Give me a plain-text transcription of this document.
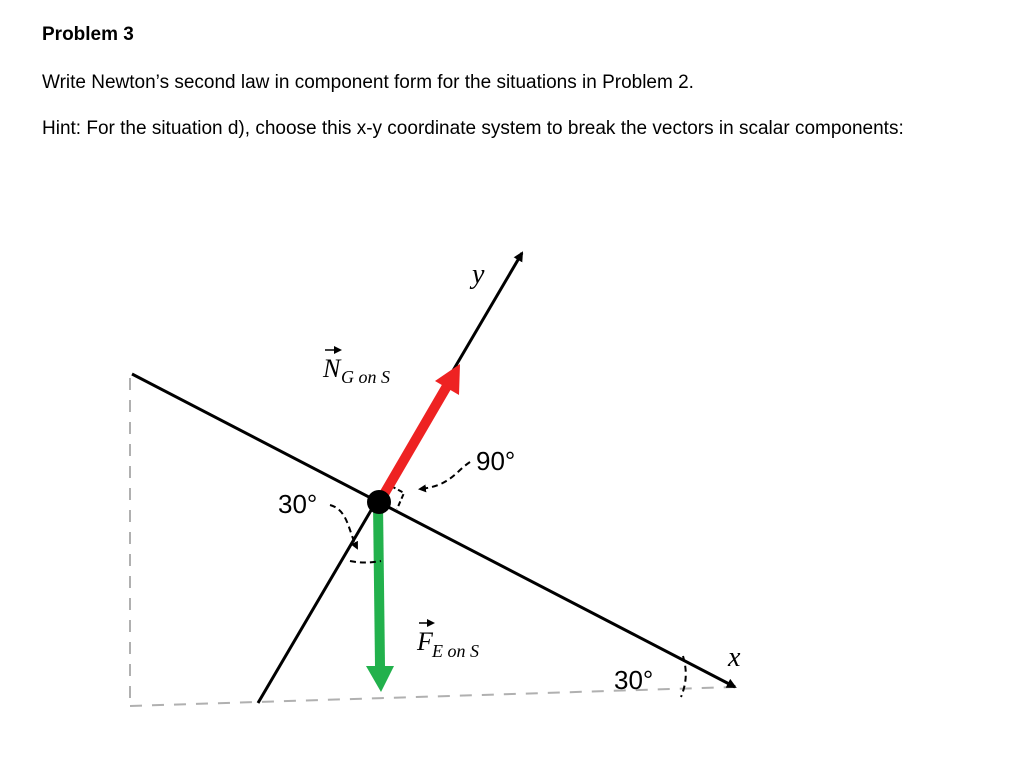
Problem 3

Write Newton’s second law in component form for the situations in Problem 2.

Hint: For the situation d), choose this x-y coordinate system to break the vectors in scalar components:

y
x
N G on S
F E on S
90°
30°
30°
